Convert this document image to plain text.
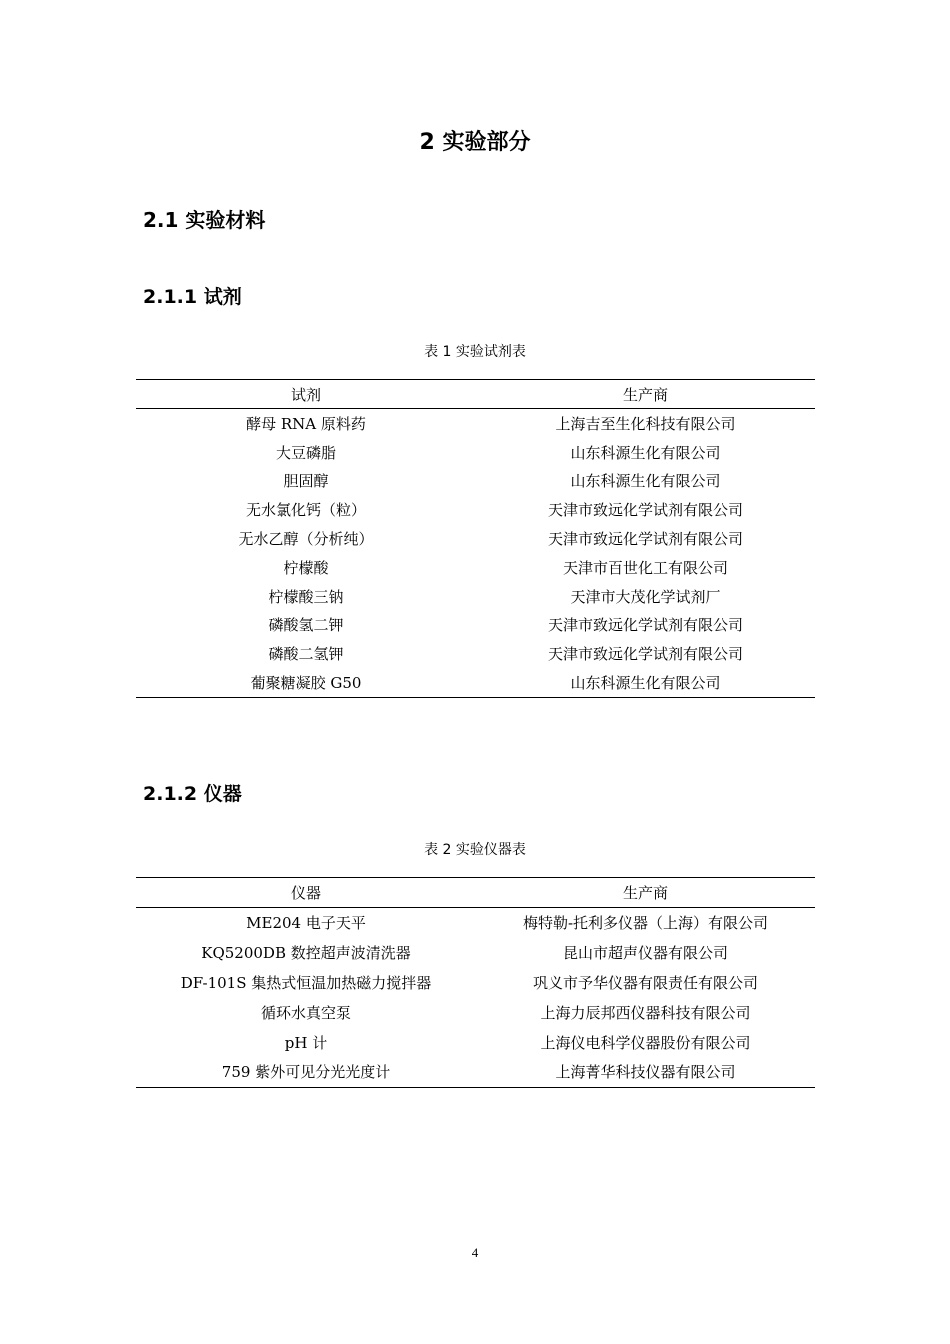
2 实验部分
2.1 实验材料
2.1.1 试剂
表 1 实验试剂表
试剂	生产商
酵母 RNA 原料药	上海吉至生化科技有限公司
大豆磷脂	山东科源生化有限公司
胆固醇	山东科源生化有限公司
无水氯化钙（粒）	天津市致远化学试剂有限公司
无水乙醇（分析纯）	天津市致远化学试剂有限公司
柠檬酸	天津市百世化工有限公司
柠檬酸三钠	天津市大茂化学试剂厂
磷酸氢二钾	天津市致远化学试剂有限公司
磷酸二氢钾	天津市致远化学试剂有限公司
葡聚糖凝胶 G50	山东科源生化有限公司
2.1.2 仪器
表 2 实验仪器表
仪器	生产商
ME204 电子天平	梅特勒-托利多仪器（上海）有限公司
KQ5200DB 数控超声波清洗器	昆山市超声仪器有限公司
DF-101S 集热式恒温加热磁力搅拌器	巩义市予华仪器有限责任有限公司
循环水真空泵	上海力辰邦西仪器科技有限公司
pH 计	上海仪电科学仪器股份有限公司
759 紫外可见分光光度计	上海菁华科技仪器有限公司
4
